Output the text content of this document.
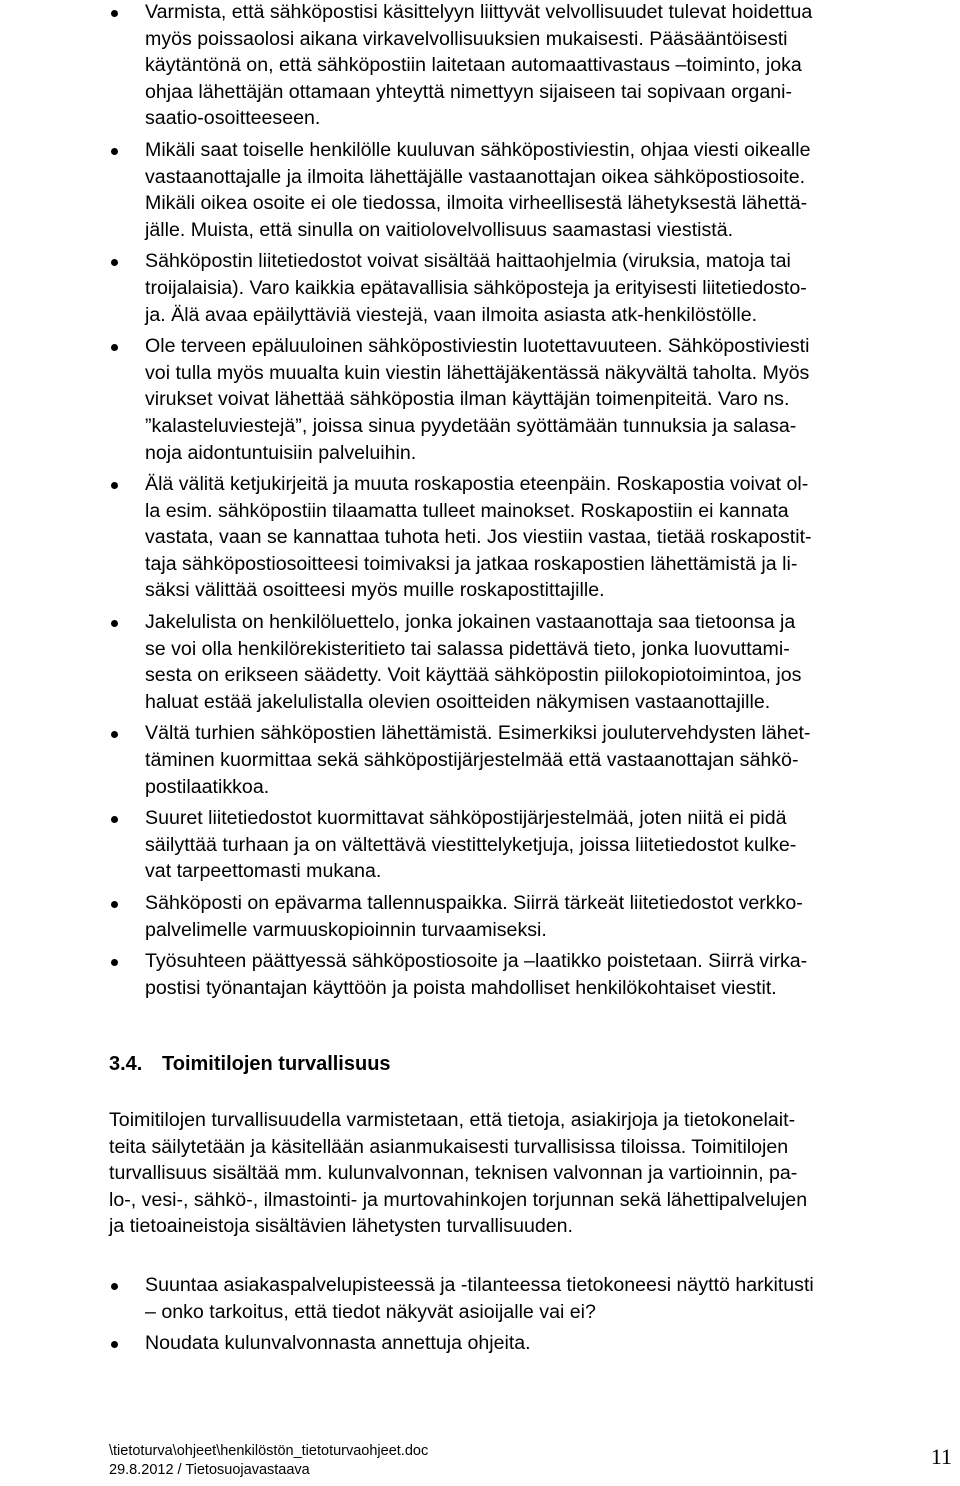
Varmista, että sähköpostisi käsittelyyn liittyvät velvollisuudet tulevat hoidettua
myös poissaolosi aikana virkavelvollisuuksien mukaisesti. Pääsääntöisesti
käytäntönä on, että sähköpostiin laitetaan automaattivastaus –toiminto, joka
ohjaa lähettäjän ottamaan yhteyttä nimettyyn sijaiseen tai sopivaan organi-
saatio-osoitteeseen.
Mikäli saat toiselle henkilölle kuuluvan sähköpostiviestin, ohjaa viesti oikealle
vastaanottajalle ja ilmoita lähettäjälle vastaanottajan oikea sähköpostiosoite.
Mikäli oikea osoite ei ole tiedossa, ilmoita virheellisestä lähetyksestä lähettä-
jälle. Muista, että sinulla on vaitiolovelvollisuus saamastasi viestistä.
Sähköpostin liitetiedostot voivat sisältää haittaohjelmia (viruksia, matoja tai
troijalaisia). Varo kaikkia epätavallisia sähköposteja ja erityisesti liitetiedosto-
ja. Älä avaa epäilyttäviä viestejä, vaan ilmoita asiasta atk-henkilöstölle.
Ole terveen epäluuloinen sähköpostiviestin luotettavuuteen. Sähköpostiviesti
voi tulla myös muualta kuin viestin lähettäjäkentässä näkyvältä taholta. Myös
virukset voivat lähettää sähköpostia ilman käyttäjän toimenpiteitä. Varo ns.
”kalasteluviestejä”, joissa sinua pyydetään syöttämään tunnuksia ja salasa-
noja aidontuntuisiin palveluihin.
Älä välitä ketjukirjeitä ja muuta roskapostia eteenpäin. Roskapostia voivat ol-
la esim. sähköpostiin tilaamatta tulleet mainokset. Roskapostiin ei kannata
vastata, vaan se kannattaa tuhota heti. Jos viestiin vastaa, tietää roskapostit-
taja sähköpostiosoitteesi toimivaksi ja jatkaa roskapostien lähettämistä ja li-
säksi välittää osoitteesi myös muille roskapostittajille.
Jakelulista on henkilöluettelo, jonka jokainen vastaanottaja saa tietoonsa ja
se voi olla henkilörekisteritieto tai salassa pidettävä tieto, jonka luovuttami-
sesta on erikseen säädetty. Voit käyttää sähköpostin piilokopiotoimintoa, jos
haluat estää jakelulistalla olevien osoitteiden näkymisen vastaanottajille.
Vältä turhien sähköpostien lähettämistä. Esimerkiksi joulutervehdysten lähet-
täminen kuormittaa sekä sähköpostijärjestelmää että vastaanottajan sähkö-
postilaatikkoa.
Suuret liitetiedostot kuormittavat sähköpostijärjestelmää, joten niitä ei pidä
säilyttää turhaan ja on vältettävä viestittelyketjuja, joissa liitetiedostot kulke-
vat tarpeettomasti mukana.
Sähköposti on epävarma tallennuspaikka. Siirrä tärkeät liitetiedostot verkko-
palvelimelle varmuuskopioinnin turvaamiseksi.
Työsuhteen päättyessä sähköpostiosoite ja –laatikko poistetaan. Siirrä virka-
postisi työnantajan käyttöön ja poista mahdolliset henkilökohtaiset viestit.
3.4. Toimitilojen turvallisuus
Toimitilojen turvallisuudella varmistetaan, että tietoja, asiakirjoja ja tietokonelait-
teita säilytetään ja käsitellään asianmukaisesti turvallisissa tiloissa. Toimitilojen
turvallisuus sisältää mm. kulunvalvonnan, teknisen valvonnan ja vartioinnin, pa-
lo-, vesi-, sähkö-, ilmastointi- ja murtovahinkojen torjunnan sekä lähettipalvelujen
ja tietoaineistoja sisältävien lähetysten turvallisuuden.
Suuntaa asiakaspalvelupisteessä ja -tilanteessa tietokoneesi näyttö harkitusti
– onko tarkoitus, että tiedot näkyvät asioijalle vai ei?
Noudata kulunvalvonnasta annettuja ohjeita.
\tietoturva\ohjeet\henkilöstön_tietoturvaohjeet.doc
29.8.2012 / Tietosuojavastaava
11
